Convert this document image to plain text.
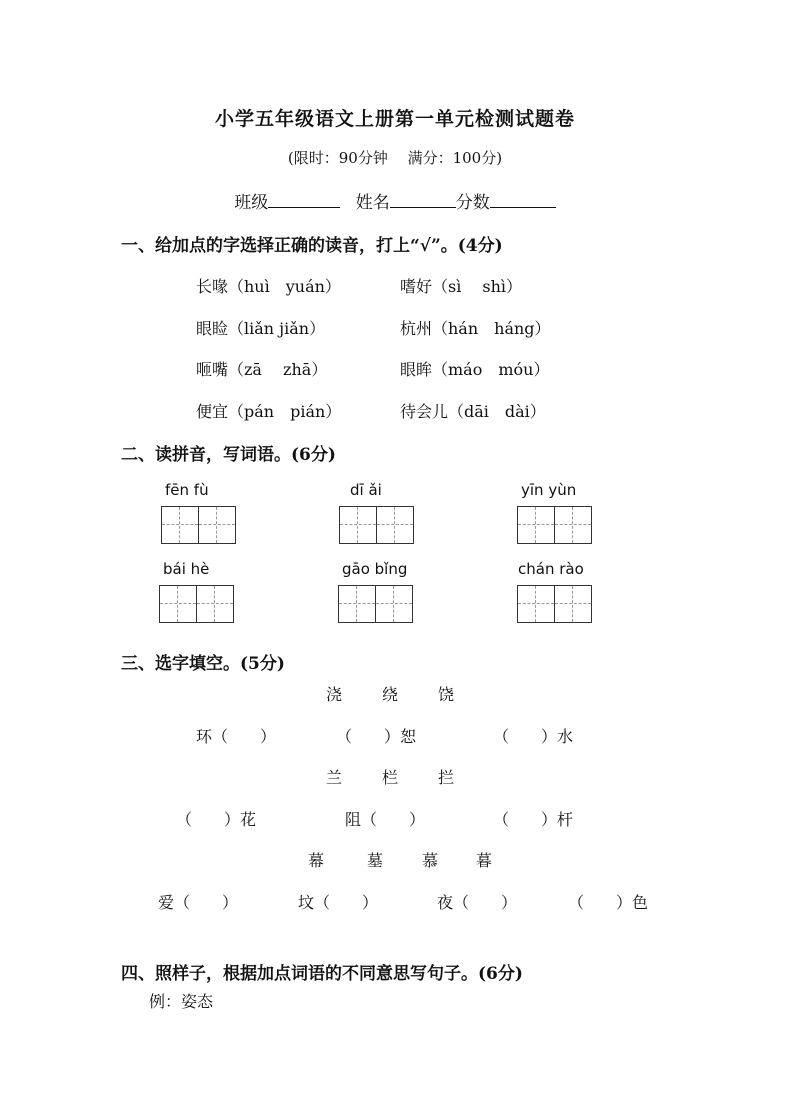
小学五年级语文上册第一单元检测试题卷
(限时：90分钟　 满分：100分)
班级	姓名	分数
一、给加点的字选择正确的读音，打上“√”。(4分)
长喙（huì　yuán）	嗜好（sì　 shì）
眼睑（liǎn jiǎn）	杭州（hán　háng）
咂嘴（zā　 zhā）	眼眸（máo　móu）
便宜（pán　pián）	待会儿（dāi　dài）
二、读拼音，写词语。(6分)
fēn fù	dī ǎi	yīn yùn
bái hè	gāo bǐng	chán rào
三、选字填空。(5分)
浇 绕 饶
环（　　）	（　　）恕	（　　）水
兰 栏 拦
（　　）花	阻（　　）	（　　）杆
幕	墓 慕 暮
爱（　　）	坟（　　）	夜（　　）	（　　）色
四、照样子，根据加点词语的不同意思写句子。(6分)
例：姿态
